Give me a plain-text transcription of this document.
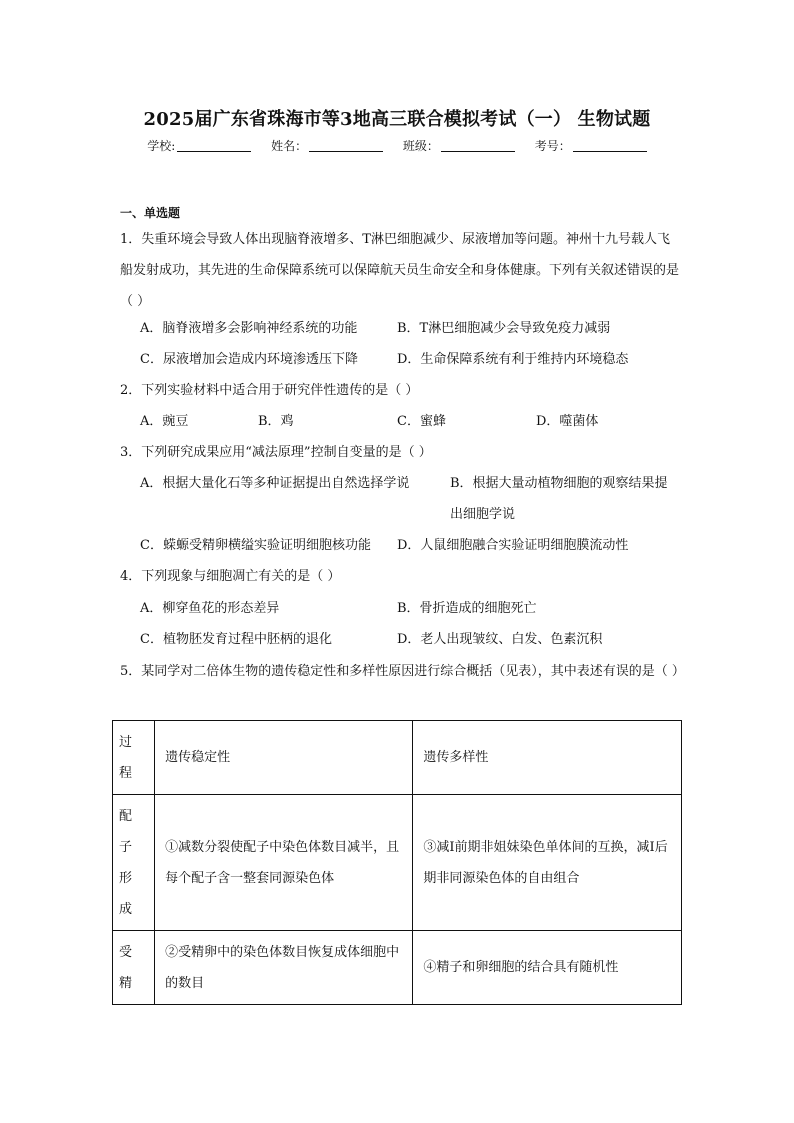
2025届广东省珠海市等3地高三联合模拟考试（一） 生物试题
学校:	姓名：	班级：	考号：
一、单选题
1．失重环境会导致人体出现脑脊液增多、T淋巴细胞减少、尿液增加等问题。神州十九号载人飞船发射成功，其先进的生命保障系统可以保障航天员生命安全和身体健康。下列有关叙述错误的是（ ）
A．脑脊液增多会影响神经系统的功能	B．T淋巴细胞减少会导致免疫力减弱
C．尿液增加会造成内环境渗透压下降	D．生命保障系统有利于维持内环境稳态
2．下列实验材料中适合用于研究伴性遗传的是（ ）
A．豌豆	B．鸡	C．蜜蜂	D．噬菌体
3．下列研究成果应用“减法原理”控制自变量的是（ ）
A．根据大量化石等多种证据提出自然选择学说	B．根据大量动植物细胞的观察结果提出细胞学说
C．蝾螈受精卵横缢实验证明细胞核功能 D．人鼠细胞融合实验证明细胞膜流动性
4．下列现象与细胞凋亡有关的是（ ）
A．柳穿鱼花的形态差异	B．骨折造成的细胞死亡
C．植物胚发育过程中胚柄的退化	D．老人出现皱纹、白发、色素沉积
5．某同学对二倍体生物的遗传稳定性和多样性原因进行综合概括（见表），其中表述有误的是（ ）
过程	遗传稳定性	遗传多样性
配子形成	①减数分裂使配子中染色体数目减半，且每个配子含一整套同源染色体	③减Ⅰ前期非姐妹染色单体间的互换，减Ⅰ后期非同源染色体的自由组合
受精	②受精卵中的染色体数目恢复成体细胞中的数目	④精子和卵细胞的结合具有随机性
